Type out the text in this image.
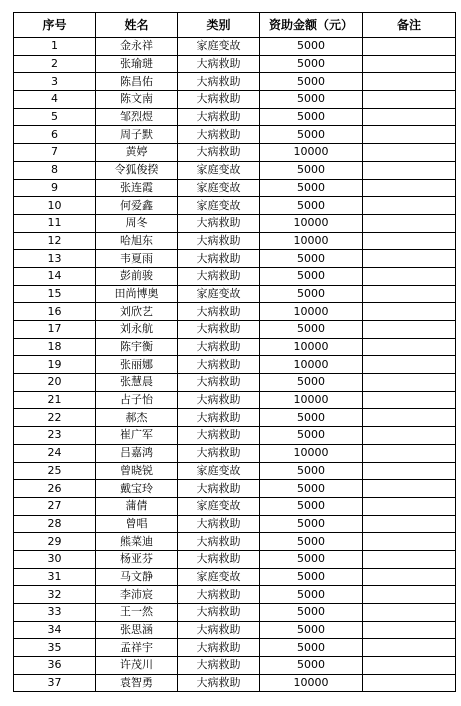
序号	姓名	类别	资助金额（元）	备注
1	金永祥	家庭变故	5000	
2	张瑜琎	大病救助	5000	
3	陈昌佑	大病救助	5000	
4	陈文南	大病救助	5000	
5	邹烈煜	大病救助	5000	
6	周子默	大病救助	5000	
7	黄婷	大病救助	10000	
8	令狐俊揆	家庭变故	5000	
9	张连霞	家庭变故	5000	
10	何爱鑫	家庭变故	5000	
11	周冬	大病救助	10000	
12	哈旭东	大病救助	10000	
13	韦夏雨	大病救助	5000	
14	彭前骏	大病救助	5000	
15	田尚博奥	家庭变故	5000	
16	刘欣艺	大病救助	10000	
17	刘永航	大病救助	5000	
18	陈宇衡	大病救助	10000	
19	张丽娜	大病救助	10000	
20	张慧晨	大病救助	5000	
21	占子怡	大病救助	10000	
22	郝杰	大病救助	5000	
23	崔广军	大病救助	5000	
24	吕嘉鸿	大病救助	10000	
25	曾晓锐	家庭变故	5000	
26	戴宝玲	大病救助	5000	
27	蒲倩	家庭变故	5000	
28	曾唱	大病救助	5000	
29	熊菜迪	大病救助	5000	
30	杨亚芬	大病救助	5000	
31	马文静	家庭变故	5000	
32	李沛宸	大病救助	5000	
33	王一然	大病救助	5000	
34	张思涵	大病救助	5000	
35	孟祥宇	大病救助	5000	
36	许茂川	大病救助	5000	
37	袁智勇	大病救助	10000	
